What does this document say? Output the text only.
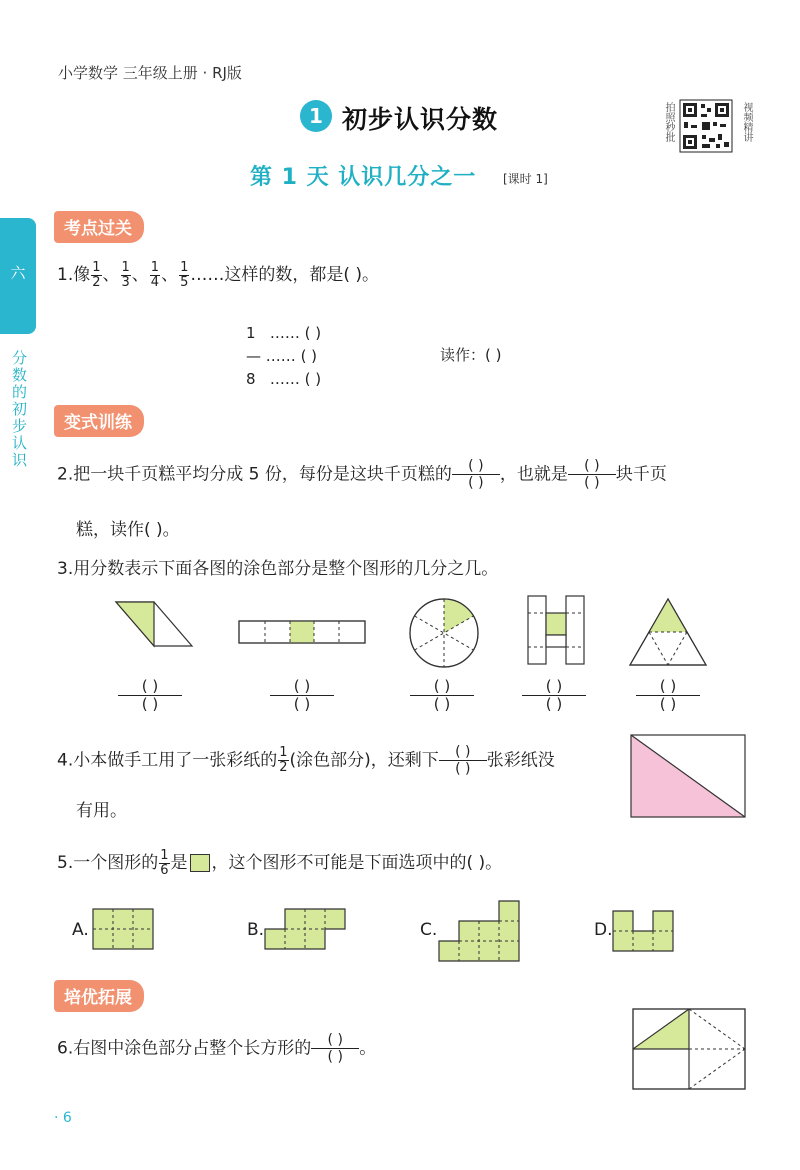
小学数学 三年级上册 · RJ版
1 初步认识分数	拍照秒批	视频精讲
第 1 天 认识几分之一 [课时 1]
六
分数的初步认识
考点过关
1.像 $\frac{1}{2}$ 、 $\frac{1}{3}$ 、 $\frac{1}{4}$ 、 $\frac{1}{5}$ ……这样的数，都是( )。
1 …… ( )
— …… ( )
8 …… ( )
读作：( )
变式训练
2.把一块千页糕平均分成 5 份，每份是这块千页糕的	( )
( ) ，也就是	( )
( ) 块千页
糕，读作( )。
3.用分数表示下面各图的涂色部分是整个图形的几分之几。
( )
( )
( )
( )
( )
( )
( )
( )
( )
( )
4.小本做手工用了一张彩纸的 $\frac{1}{2}$ (涂色部分)，还剩下	( )
( ) 张彩纸没
有用。
5.一个图形的 $\frac{1}{6}$ 是 ，这个图形不可能是下面选项中的( )。
A.	B.	C.	D.
培优拓展
6.右图中涂色部分占整个长方形的	( )
( ) 。
· 6
